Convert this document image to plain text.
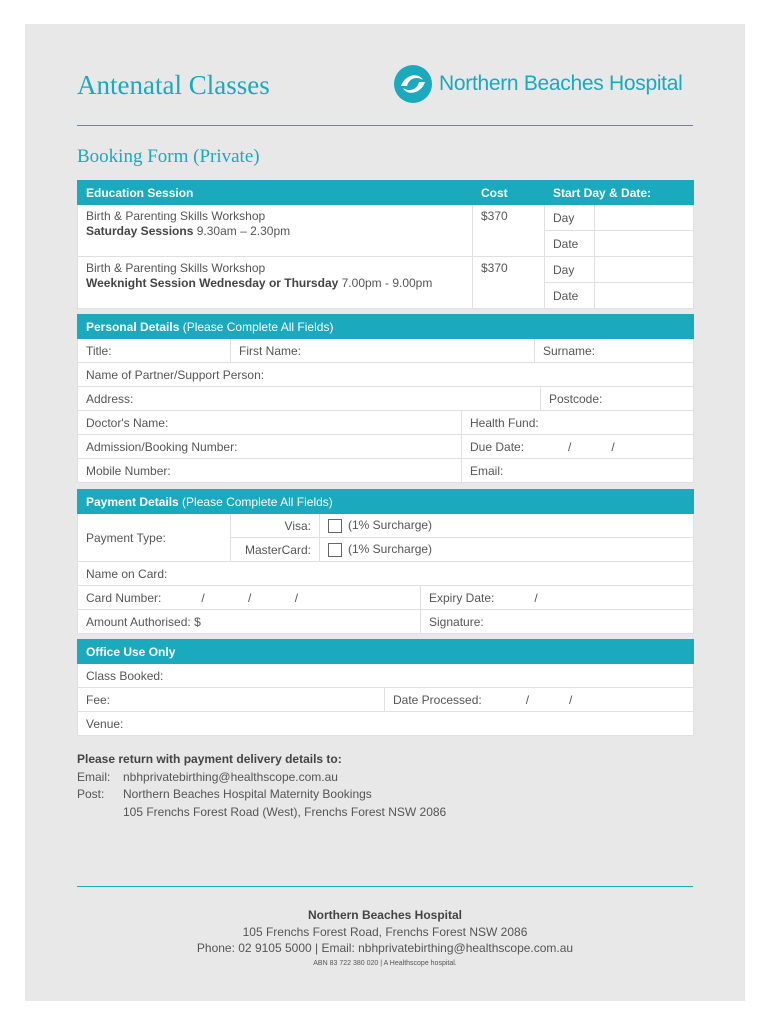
Antenatal Classes	Northern Beaches Hospital
Booking Form (Private)
Education Session	Cost	Start Day & Date:	

Birth & Parenting Skills Workshop
Saturday Sessions 9.30am – 2.30pm	$370	Day	
		Date	

Birth & Parenting Skills Workshop
Weeknight Session Wednesday or Thursday 7.00pm - 9.00pm	$370	Day	
		Date	
Personal Details (Please Complete All Fields)				
Title:	First Name:		Surname:	
Name of Partner/Support Person:				
Address:				Postcode:
Doctor's Name:		Health Fund:		
Admission/Booking Number:		Due Date: /            /		
Mobile Number:		Email:		
Payment Details (Please Complete All Fields)			
Payment Type:	Visa:	(1% Surcharge)	
	MasterCard:	(1% Surcharge)	
Name on Card:			
Card Number: /             /             /			Expiry Date: /
Amount Authorised: $			Signature:
Office Use Only
Class Booked:
Fee:	Date Processed:	/            /
Venue:
Please return with payment delivery details to:
Email: nbhprivatebirthing@healthscope.com.au
Post: Northern Beaches Hospital Maternity Bookings
105 Frenchs Forest Road (West), Frenchs Forest NSW 2086
Northern Beaches Hospital
105 Frenchs Forest Road, Frenchs Forest NSW 2086
Phone: 02 9105 5000 | Email: nbhprivatebirthing@healthscope.com.au
ABN 83 722 380 020 | A Healthscope hospital.
